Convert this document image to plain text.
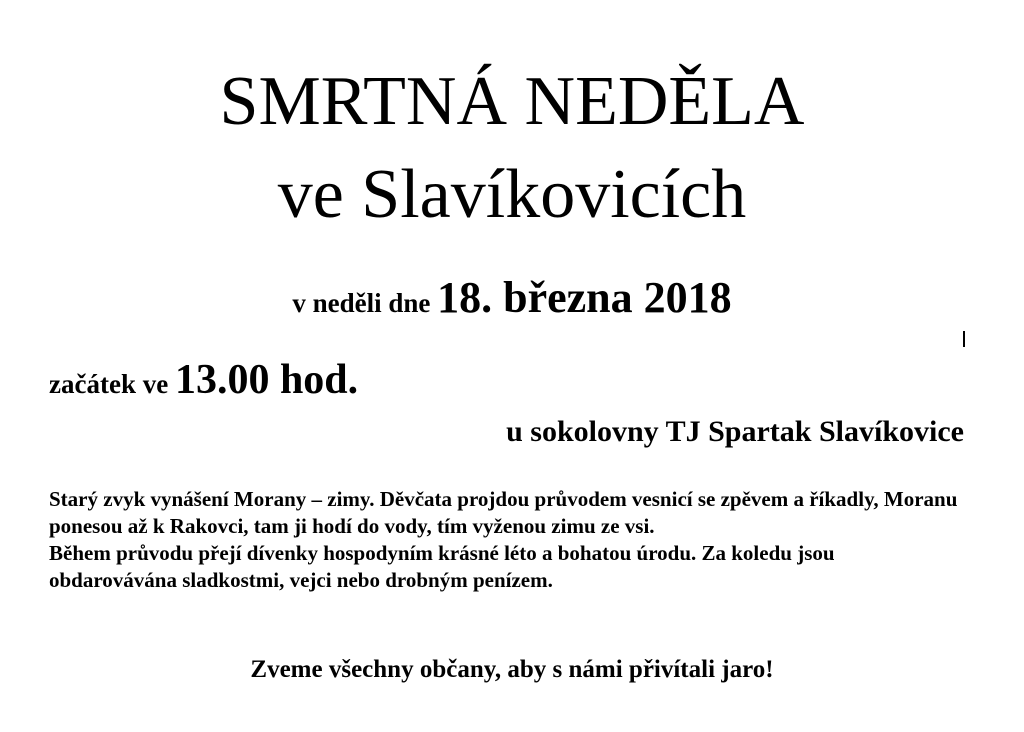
SMRTNÁ NEDĚLA
ve Slavíkovicích
v neděli dne 18. března 2018
začátek ve 13.00 hod.
u sokolovny TJ Spartak Slavíkovice

Starý zvyk vynášení Morany – zimy. Děvčata projdou průvodem vesnicí se zpěvem a říkadly, Moranu ponesou až k Rakovci, tam ji hodí do vody, tím vyženou zimu ze vsi.

Během průvodu přejí dívenky hospodyním krásné léto a bohatou úrodu. Za koledu jsou obdarovávána sladkostmi, vejci nebo drobným penízem.

Zveme všechny občany, aby s námi přivítali jaro!
